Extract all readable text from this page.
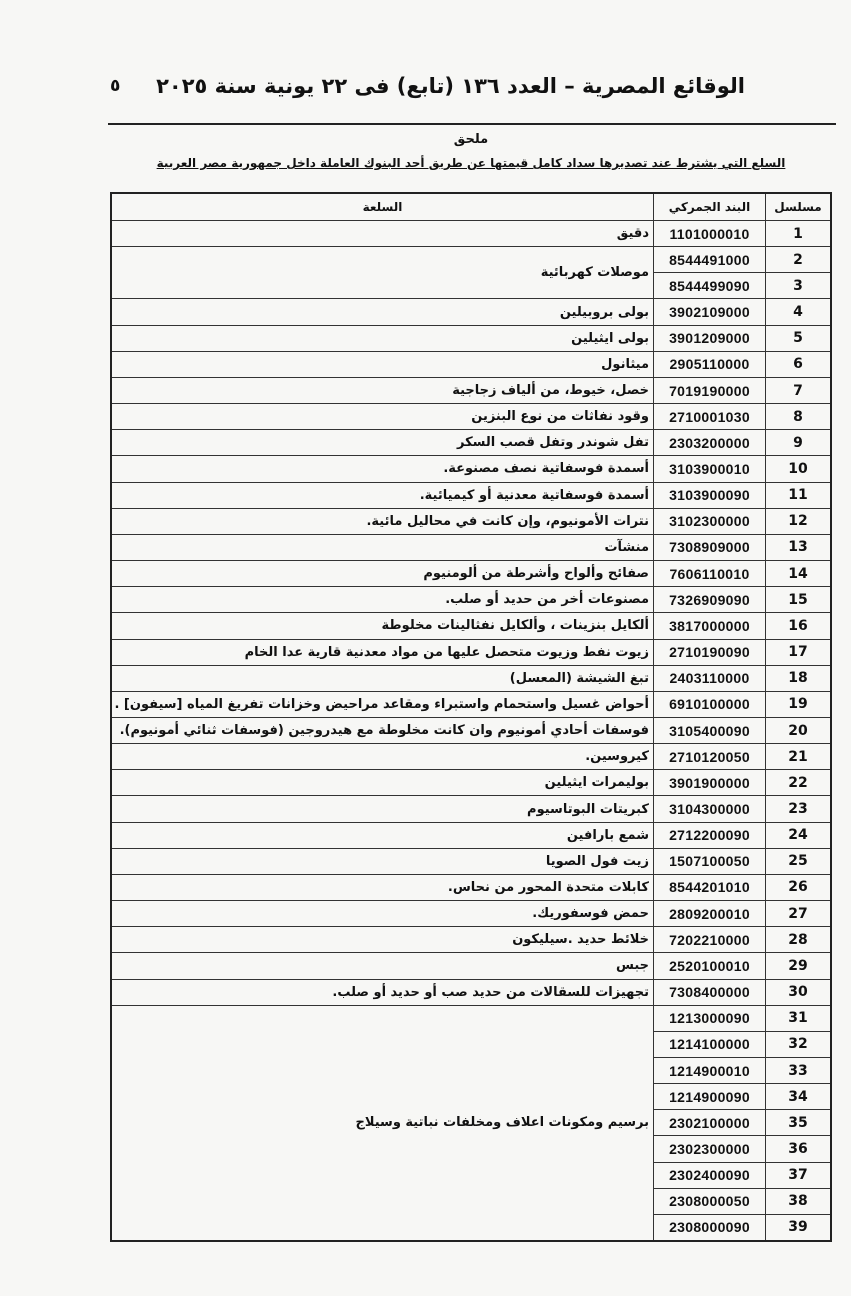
٥ الوقائع المصرية – العدد ١٣٦ (تابع) فى ٢٢ يونية سنة ٢٠٢٥
ملحق
السلع التي يشترط عند تصديرها سداد كامل قيمتها عن طريق أحد البنوك العاملة داخل جمهورية مصر العربية
السلعة	البند الجمركي	مسلسل
دقيق	1101000010	1
موصلات كهربائية	8544491000	2
	8544499090	3
بولى بروبيلين	3902109000	4
بولى ايثيلين	3901209000	5
ميثانول	2905110000	6
خصل، خيوط، من ألياف زجاجية	7019190000	7
وقود نفاثات من نوع البنزين	2710001030	8
تفل شوندر وتفل قصب السكر	2303200000	9
أسمدة فوسفاتية نصف مصنوعة.	3103900010	10
أسمدة فوسفاتية معدنية أو كيميائية.	3103900090	11
نترات الأمونيوم، وإن كانت في محاليل مائية.	3102300000	12
منشآت	7308909000	13
صفائح وألواح وأشرطة من ألومنيوم	7606110010	14
مصنوعات أخر من حديد أو صلب.	7326909090	15
ألكايل بنزينات ، وألكايل نفثالينات مخلوطة	3817000000	16
زيوت نفط وزيوت متحصل عليها من مواد معدنية قارية عدا الخام	2710190090	17
تبغ الشيشة (المعسل)	2403110000	18
أحواض غسيل واستحمام واستبراء ومقاعد مراحيض وخزانات تفريغ المياه [سيفون] .	6910100000	19
فوسفات أحادي أمونيوم وان كانت مخلوطة مع هيدروجين (فوسفات ثنائي أمونيوم).	3105400090	20
كيروسين.	2710120050	21
بوليمرات ايثيلين	3901900000	22
كبريتات البوتاسيوم	3104300000	23
شمع بارافين	2712200090	24
زيت فول الصويا	1507100050	25
كابلات متحدة المحور من نحاس.	8544201010	26
حمض فوسفوريك.	2809200010	27
خلائط حديد .سيليكون	7202210000	28
جبس	2520100010	29
تجهيزات للسقالات من حديد صب أو حديد أو صلب.	7308400000	30
برسيم ومكونات اعلاف ومخلفات نباتية وسيلاج	1213000090	31
	1214100000	32
	1214900010	33
	1214900090	34
	2302100000	35
	2302300000	36
	2302400090	37
	2308000050	38
	2308000090	39
